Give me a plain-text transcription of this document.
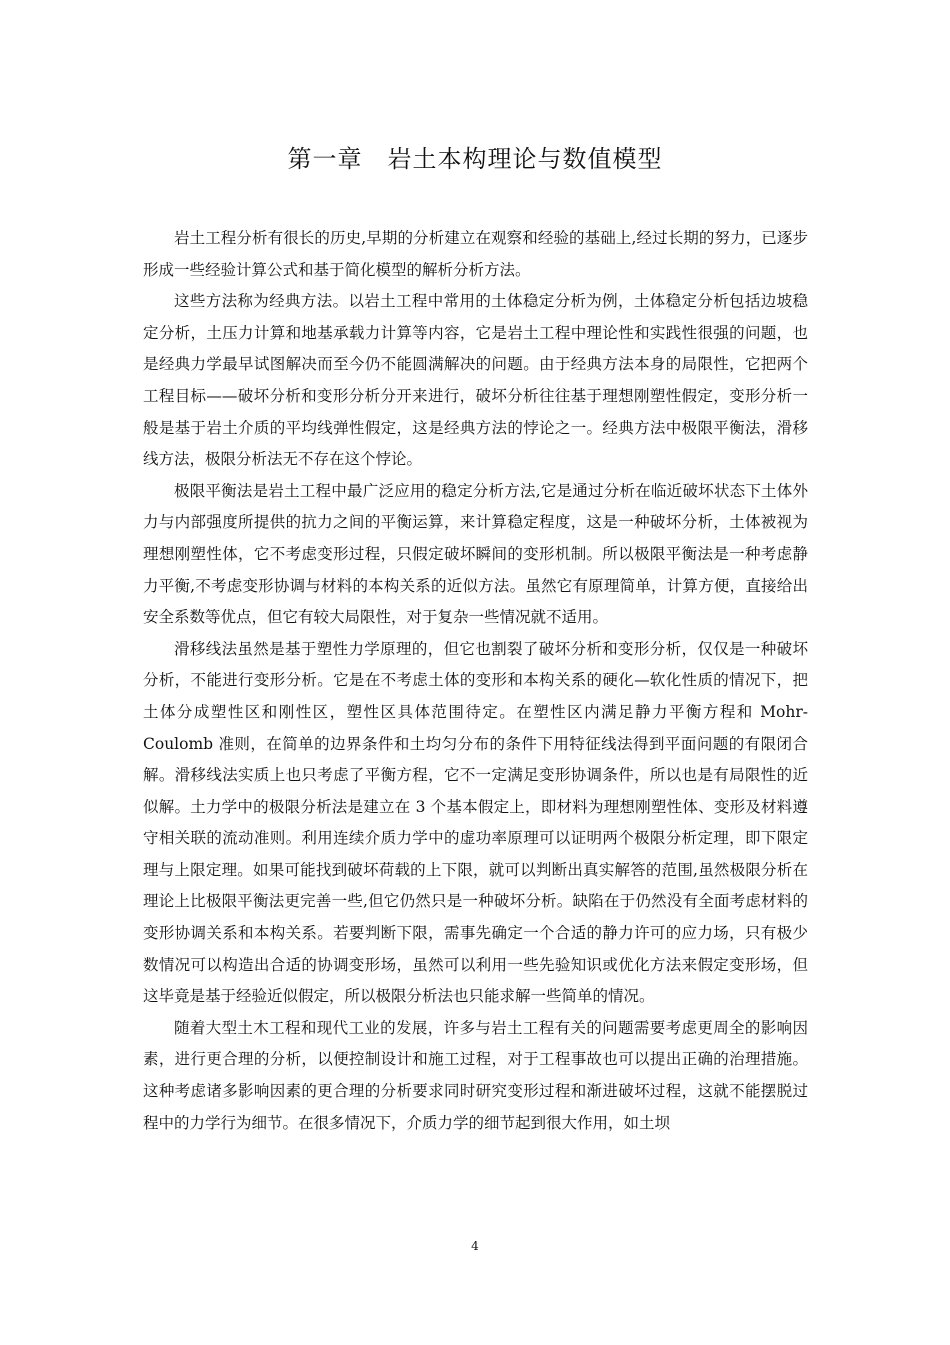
第一章　岩土本构理论与数值模型

岩土工程分析有很长的历史,早期的分析建立在观察和经验的基础上,经过长期的努力，已逐步形成一些经验计算公式和基于简化模型的解析分析方法。

这些方法称为经典方法。以岩土工程中常用的土体稳定分析为例，土体稳定分析包括边坡稳定分析，土压力计算和地基承载力计算等内容，它是岩土工程中理论性和实践性很强的问题，也是经典力学最早试图解决而至今仍不能圆满解决的问题。由于经典方法本身的局限性，它把两个工程目标——破坏分析和变形分析分开来进行，破坏分析往往基于理想刚塑性假定，变形分析一般是基于岩土介质的平均线弹性假定，这是经典方法的悖论之一。经典方法中极限平衡法，滑移线方法，极限分析法无不存在这个悖论。

极限平衡法是岩土工程中最广泛应用的稳定分析方法,它是通过分析在临近破坏状态下土体外力与内部强度所提供的抗力之间的平衡运算，来计算稳定程度，这是一种破坏分析，土体被视为理想刚塑性体，它不考虑变形过程，只假定破坏瞬间的变形机制。所以极限平衡法是一种考虑静力平衡,不考虑变形协调与材料的本构关系的近似方法。虽然它有原理简单，计算方便，直接给出安全系数等优点，但它有较大局限性，对于复杂一些情况就不适用。

滑移线法虽然是基于塑性力学原理的，但它也割裂了破坏分析和变形分析，仅仅是一种破坏分析，不能进行变形分析。它是在不考虑土体的变形和本构关系的硬化—软化性质的情况下，把土体分成塑性区和刚性区，塑性区具体范围待定。在塑性区内满足静力平衡方程和 Mohr-Coulomb 准则，在简单的边界条件和土均匀分布的条件下用特征线法得到平面问题的有限闭合解。滑移线法实质上也只考虑了平衡方程，它不一定满足变形协调条件，所以也是有局限性的近似解。土力学中的极限分析法是建立在 3 个基本假定上，即材料为理想刚塑性体、变形及材料遵守相关联的流动准则。利用连续介质力学中的虚功率原理可以证明两个极限分析定理，即下限定理与上限定理。如果可能找到破坏荷载的上下限，就可以判断出真实解答的范围,虽然极限分析在理论上比极限平衡法更完善一些,但它仍然只是一种破坏分析。缺陷在于仍然没有全面考虑材料的变形协调关系和本构关系。若要判断下限，需事先确定一个合适的静力许可的应力场，只有极少数情况可以构造出合适的协调变形场，虽然可以利用一些先验知识或优化方法来假定变形场，但这毕竟是基于经验近似假定，所以极限分析法也只能求解一些简单的情况。

随着大型土木工程和现代工业的发展，许多与岩土工程有关的问题需要考虑更周全的影响因素，进行更合理的分析，以便控制设计和施工过程，对于工程事故也可以提出正确的治理措施。这种考虑诸多影响因素的更合理的分析要求同时研究变形过程和渐进破坏过程，这就不能摆脱过程中的力学行为细节。在很多情况下，介质力学的细节起到很大作用，如土坝

4
